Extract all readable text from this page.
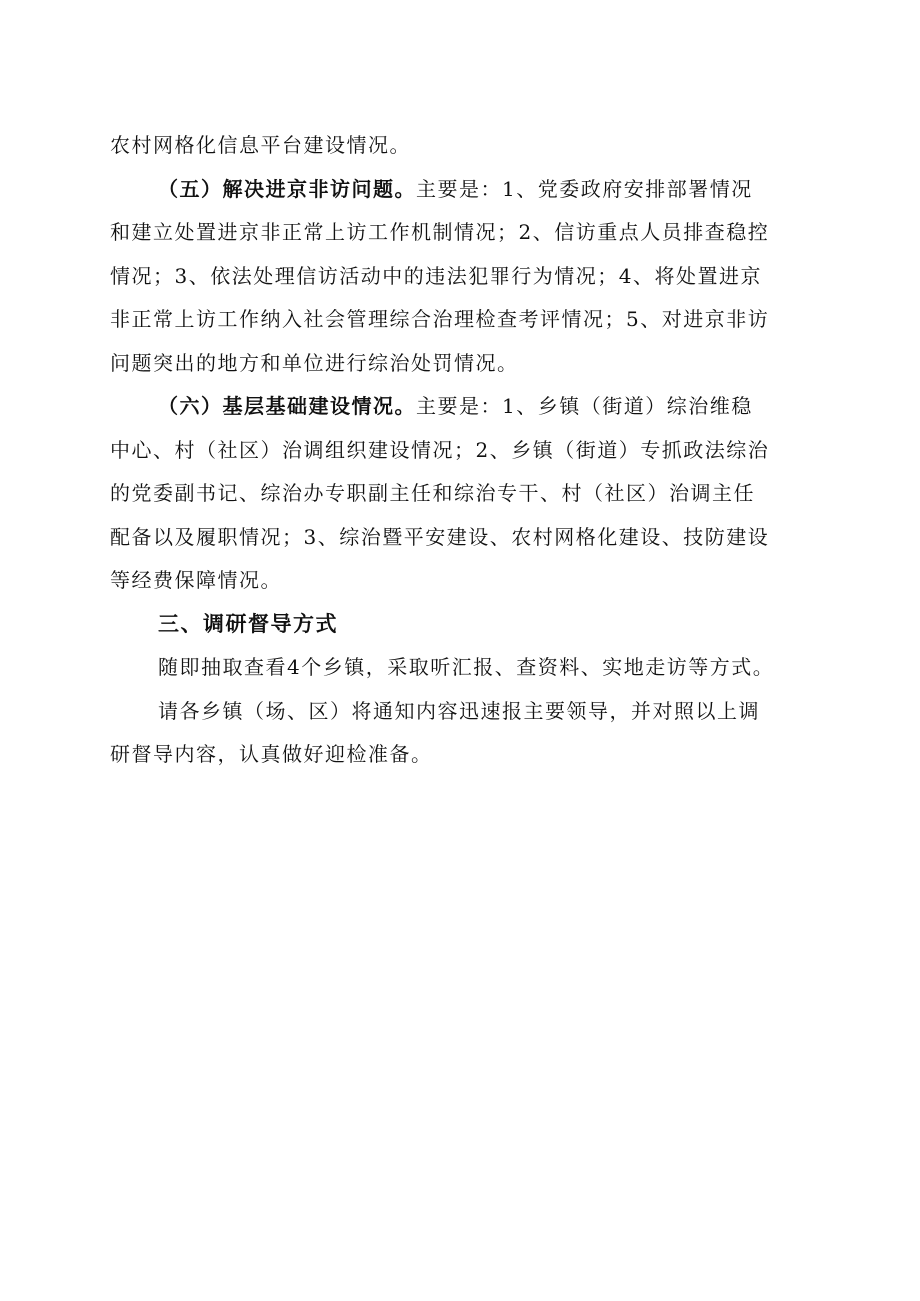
农村网格化信息平台建设情况。
（五）解决进京非访问题。主要是：1、党委政府安排部署情况
和建立处置进京非正常上访工作机制情况；2、信访重点人员排查稳控
情况；3、依法处理信访活动中的违法犯罪行为情况；4、将处置进京
非正常上访工作纳入社会管理综合治理检查考评情况；5、对进京非访
问题突出的地方和单位进行综治处罚情况。
（六）基层基础建设情况。主要是：1、乡镇（街道）综治维稳
中心、村（社区）治调组织建设情况；2、乡镇（街道）专抓政法综治
的党委副书记、综治办专职副主任和综治专干、村（社区）治调主任
配备以及履职情况；3、综治暨平安建设、农村网格化建设、技防建设
等经费保障情况。
三、调研督导方式
随即抽取查看4个乡镇，采取听汇报、查资料、实地走访等方式。
请各乡镇（场、区）将通知内容迅速报主要领导，并对照以上调
研督导内容，认真做好迎检准备。
